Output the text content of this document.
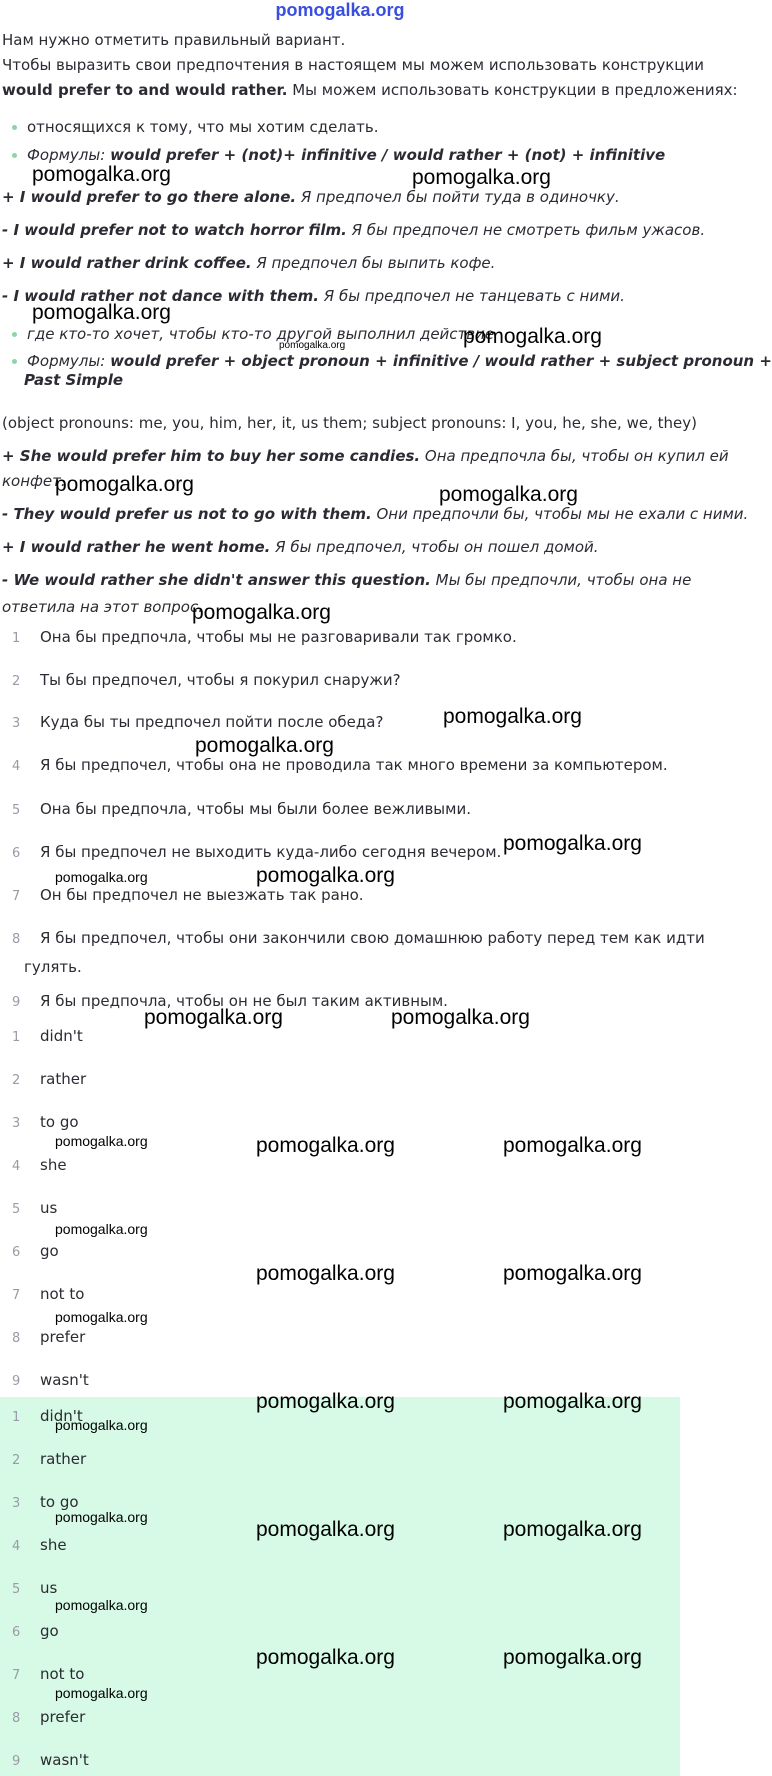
pomogalka.org
Нам нужно отметить правильный вариант.
Чтобы выразить свои предпочтения в настоящем мы можем использовать конструкции
would prefer to and would rather. Мы можем использовать конструкции в предложениях:
относящихся к тому, что мы хотим сделать.
Формулы: would prefer + (not)+ infinitive / would rather + (not) + infinitive
+ I would prefer to go there alone. Я предпочел бы пойти туда в одиночку.
- I would prefer not to watch horror film. Я бы предпочел не смотреть фильм ужасов.
+ I would rather drink coffee. Я предпочел бы выпить кофе.
- I would rather not dance with them. Я бы предпочел не танцевать с ними.
где кто-то хочет, чтобы кто-то другой выполнил действие
Формулы: would prefer + object pronoun + infinitive / would rather + subject pronoun +
Past Simple
(object pronouns: me, you, him, her, it, us them; subject pronouns: I, you, he, she, we, they)
+ She would prefer him to buy her some candies. Она предпочла бы, чтобы он купил ей
конфет.
- They would prefer us not to go with them. Они предпочли бы, чтобы мы не ехали с ними.
+ I would rather he went home. Я бы предпочел, чтобы он пошел домой.
- We would rather she didn't answer this question. Мы бы предпочли, чтобы она не
ответила на этот вопрос.
1 Она бы предпочла, чтобы мы не разговаривали так громко.
2 Ты бы предпочел, чтобы я покурил снаружи?
3 Куда бы ты предпочел пойти после обеда?
4 Я бы предпочел, чтобы она не проводила так много времени за компьютером.
5 Она бы предпочла, чтобы мы были более вежливыми.
6 Я бы предпочел не выходить куда-либо сегодня вечером.
7 Он бы предпочел не выезжать так рано.
8 Я бы предпочел, чтобы они закончили свою домашнюю работу перед тем как идти
гулять.
9 Я бы предпочла, чтобы он не был таким активным.
1 didn't
2 rather
3 to go
4 she
5 us
6 go
7 not to
8 prefer
9 wasn't
1 didn't
2 rather
3 to go
4 she
5 us
6 go
7 not to
8 prefer
9 wasn't
pomogalka.org	pomogalka.org
pomogalka.org
pomogalka.org	pomogalka.org
pomogalka.org	pomogalka.org
pomogalka.org
pomogalka.org
pomogalka.org
pomogalka.org
pomogalka.org	pomogalka.org
pomogalka.org	pomogalka.org
pomogalka.org	pomogalka.org	pomogalka.org
pomogalka.org
pomogalka.org	pomogalka.org
pomogalka.org
pomogalka.org	pomogalka.org
pomogalka.org
pomogalka.org
pomogalka.org	pomogalka.org
pomogalka.org
pomogalka.org	pomogalka.org
pomogalka.org
